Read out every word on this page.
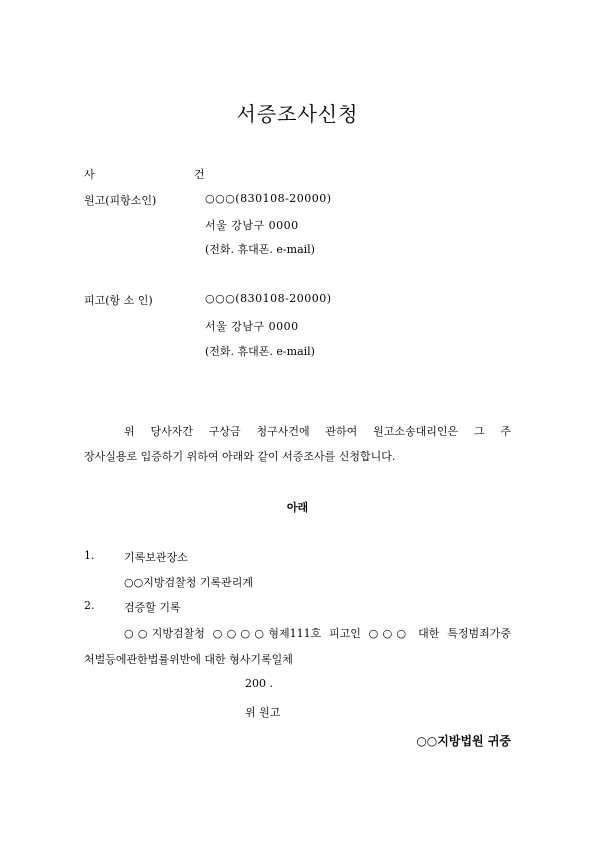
서증조사신청
사	건
원고(피항소인)	○○○(830108-20000)
서울 강남구 0000
(전화. 휴대폰. e-mail)
피고(항 소 인)	○○○(830108-20000)
서울 강남구 0000
(전화. 휴대폰. e-mail)
위 당사자간 구상금 청구사건에 관하여 원고소송대리인은 그 주
장사실용로 입증하기 위하여 아래와 같이 서증조사를 신청합니다.
아래
1.	기록보관장소
○○지방검찰청 기록관리계
2.	검증할 기록
○○지방검찰청 ○○○○형제111호 피고인 ○○○ 대한 특정범죄가중
처벌등에관한법률위반에 대한 형사기록일체
200 .
위 원고
○○지방법원 귀중
